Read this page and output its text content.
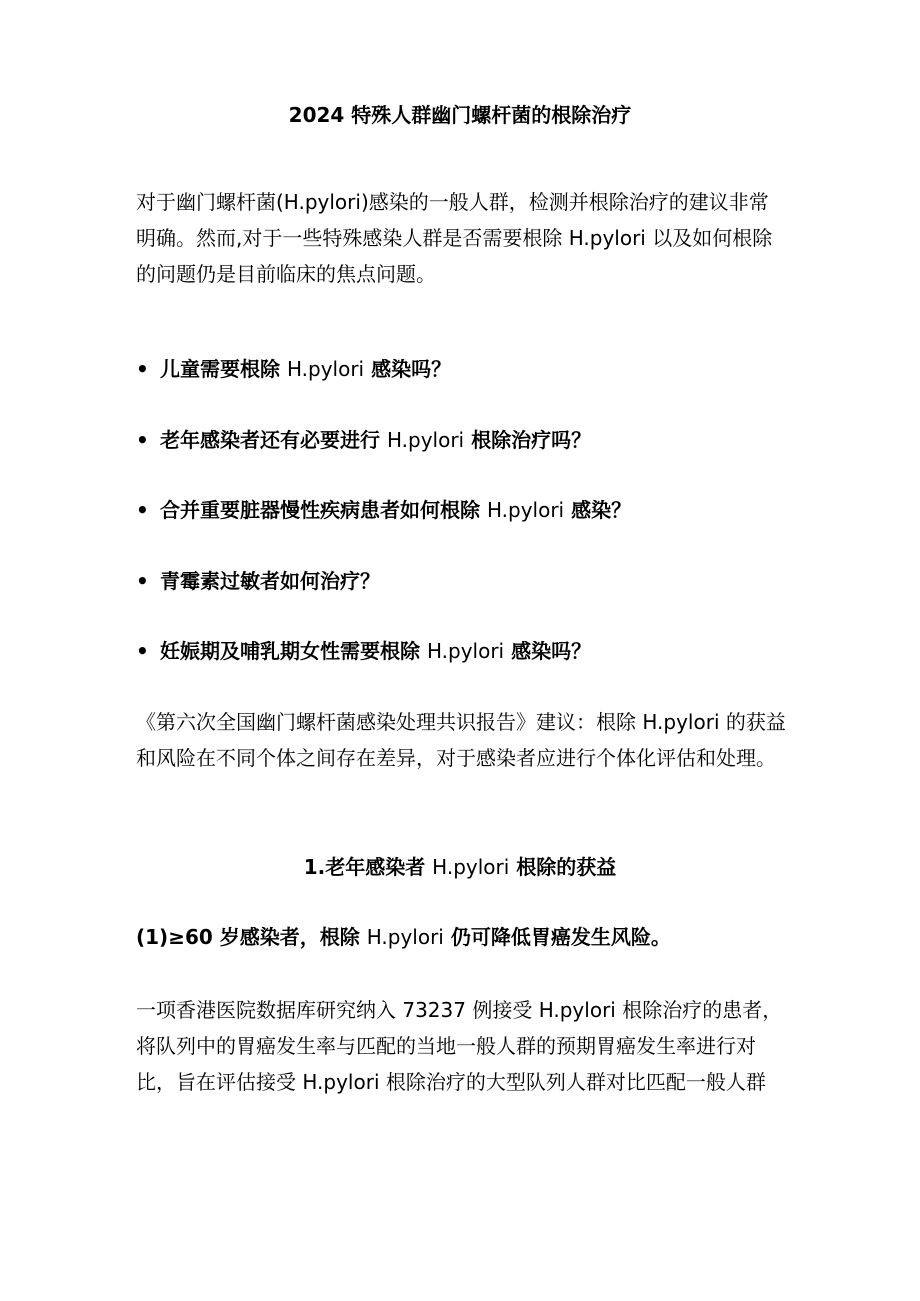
2024 特殊人群幽门螺杆菌的根除治疗

对于幽门螺杆菌(H.pylori)感染的一般人群，检测并根除治疗的建议非常明确。然而,对于一些特殊感染人群是否需要根除 H.pylori 以及如何根除的问题仍是目前临床的焦点问题。

• 儿童需要根除 H.pylori 感染吗？
• 老年感染者还有必要进行 H.pylori 根除治疗吗？
• 合并重要脏器慢性疾病患者如何根除 H.pylori 感染？
• 青霉素过敏者如何治疗？
• 妊娠期及哺乳期女性需要根除 H.pylori 感染吗？

《第六次全国幽门螺杆菌感染处理共识报告》建议：根除 H.pylori 的获益和风险在不同个体之间存在差异，对于感染者应进行个体化评估和处理。

1.老年感染者 H.pylori 根除的获益
(1)≥60 岁感染者，根除 H.pylori 仍可降低胃癌发生风险。

一项香港医院数据库研究纳入 73237 例接受 H.pylori 根除治疗的患者，将队列中的胃癌发生率与匹配的当地一般人群的预期胃癌发生率进行对比，旨在评估接受 H.pylori 根除治疗的大型队列人群对比匹配一般人群
